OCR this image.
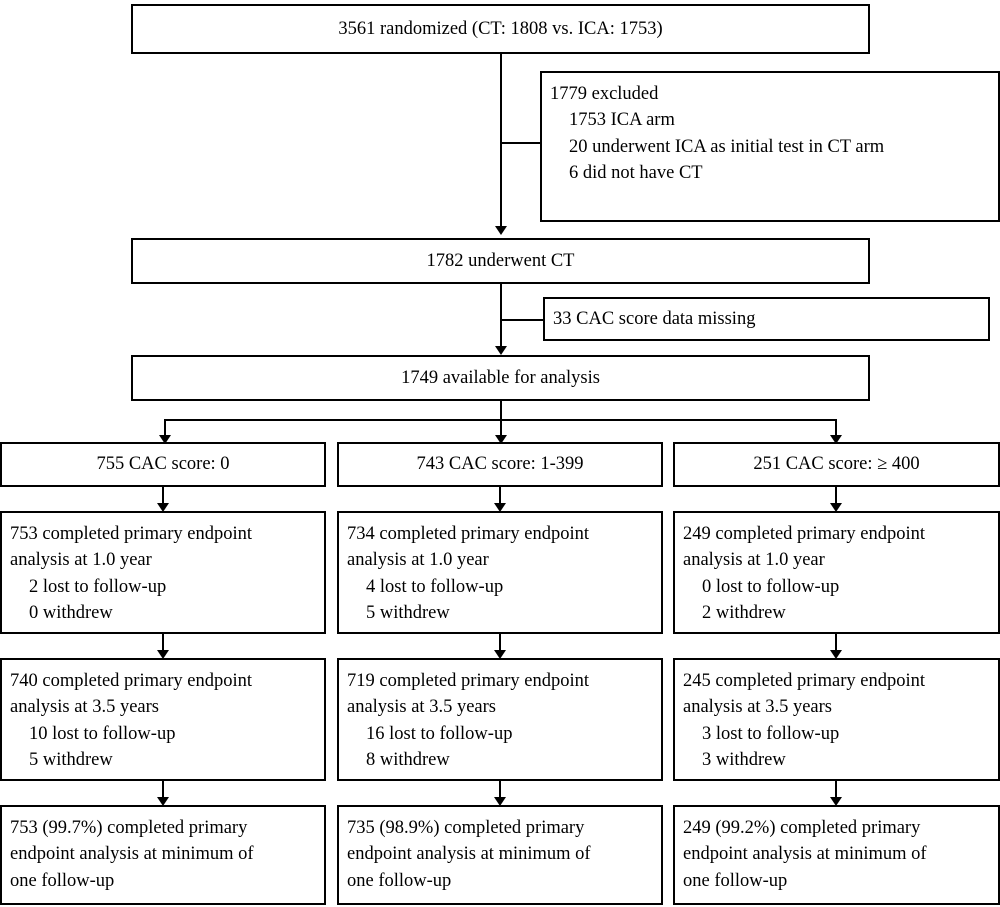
3561 randomized (CT: 1808 vs. ICA: 1753)
1779 excluded
1753 ICA arm
20 underwent ICA as initial test in CT arm
6 did not have CT
1782 underwent CT
33 CAC score data missing
1749 available for analysis
755 CAC score: 0
753 completed primary endpoint
analysis at 1.0 year
2 lost to follow-up
0 withdrew
740 completed primary endpoint
analysis at 3.5 years
10 lost to follow-up
5 withdrew
753 (99.7%) completed primary
endpoint analysis at minimum of
one follow-up
743 CAC score: 1-399
734 completed primary endpoint
analysis at 1.0 year
4 lost to follow-up
5 withdrew
719 completed primary endpoint
analysis at 3.5 years
16 lost to follow-up
8 withdrew
735 (98.9%) completed primary
endpoint analysis at minimum of
one follow-up
251 CAC score: ≥ 400
249 completed primary endpoint
analysis at 1.0 year
0 lost to follow-up
2 withdrew
245 completed primary endpoint
analysis at 3.5 years
3 lost to follow-up
3 withdrew
249 (99.2%) completed primary
endpoint analysis at minimum of
one follow-up
